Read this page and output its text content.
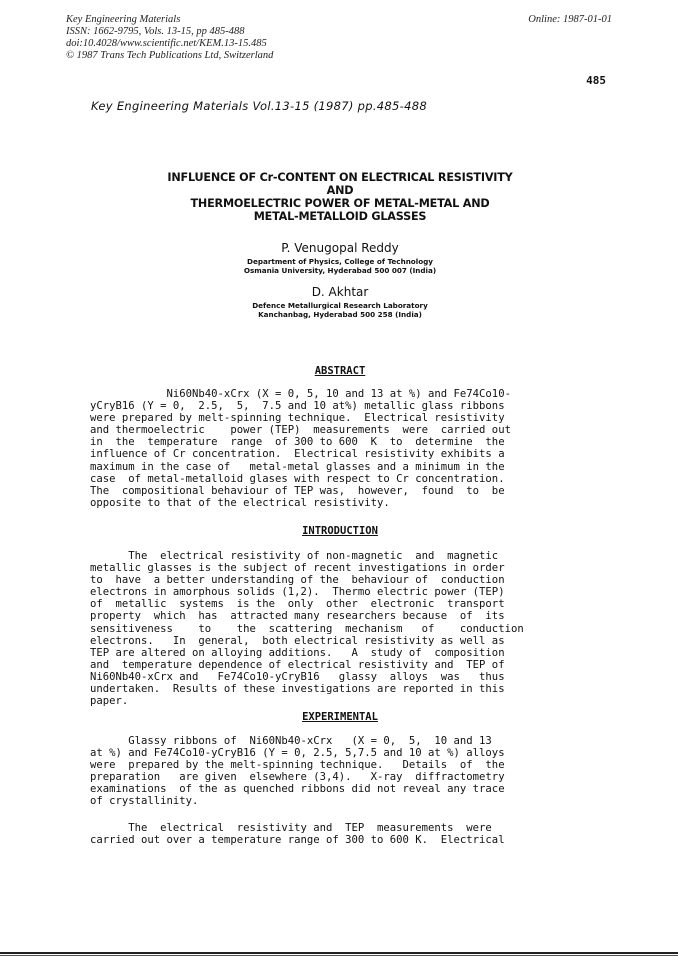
Key Engineering Materials
ISSN: 1662-9795, Vols. 13-15, pp 485-488
doi:10.4028/www.scientific.net/KEM.13-15.485
© 1987 Trans Tech Publications Ltd, Switzerland
Online: 1987-01-01
485
Key Engineering Materials Vol.13-15 (1987) pp.485-488
INFLUENCE OF Cr-CONTENT ON ELECTRICAL RESISTIVITY
AND
THERMOELECTRIC POWER OF METAL-METAL AND
METAL-METALLOID GLASSES
P. Venugopal Reddy
Department of Physics, College of Technology
Osmania University, Hyderabad 500 007 (India)
D. Akhtar
Defence Metallurgical Research Laboratory
Kanchanbag, Hyderabad 500 258 (India)
ABSTRACT
Ni60Nb40-xCrx (X = 0, 5, 10 and 13 at %) and Fe74Co10-
yCryB16 (Y = 0,  2.5,  5,  7.5 and 10 at%) metallic glass ribbons
were prepared by melt-spinning technique.  Electrical resistivity
and thermoelectric    power (TEP)  measurements  were  carried out
in  the  temperature  range  of 300 to 600  K  to  determine  the
influence of Cr concentration.  Electrical resistivity exhibits a
maximum in the case of   metal-metal glasses and a minimum in the
case  of metal-metalloid glases with respect to Cr concentration.
The  compositional behaviour of TEP was,  however,  found  to  be
opposite to that of the electrical resistivity.
INTRODUCTION
The  electrical resistivity of non-magnetic  and  magnetic
metallic glasses is the subject of recent investigations in order
to  have  a better understanding of the  behaviour of  conduction
electrons in amorphous solids (1,2).  Thermo electric power (TEP)
of  metallic  systems  is the  only  other  electronic  transport
property  which  has  attracted many researchers because  of  its
sensitiveness    to    the  scattering  mechanism   of    conduction
electrons.   In  general,  both electrical resistivity as well as
TEP are altered on alloying additions.   A  study of  composition
and  temperature dependence of electrical resistivity and  TEP of
Ni60Nb40-xCrx and   Fe74Co10-yCryB16   glassy  alloys  was   thus
undertaken.  Results of these investigations are reported in this
paper.
EXPERIMENTAL
Glassy ribbons of  Ni60Nb40-xCrx   (X = 0,  5,  10 and 13
at %) and Fe74Co10-yCryB16 (Y = 0, 2.5, 5,7.5 and 10 at %) alloys
were  prepared by the melt-spinning technique.   Details  of  the
preparation   are given  elsewhere (3,4).   X-ray  diffractometry
examinations  of the as quenched ribbons did not reveal any trace
of crystallinity.
The  electrical  resistivity and  TEP  measurements  were
carried out over a temperature range of 300 to 600 K.  Electrical
